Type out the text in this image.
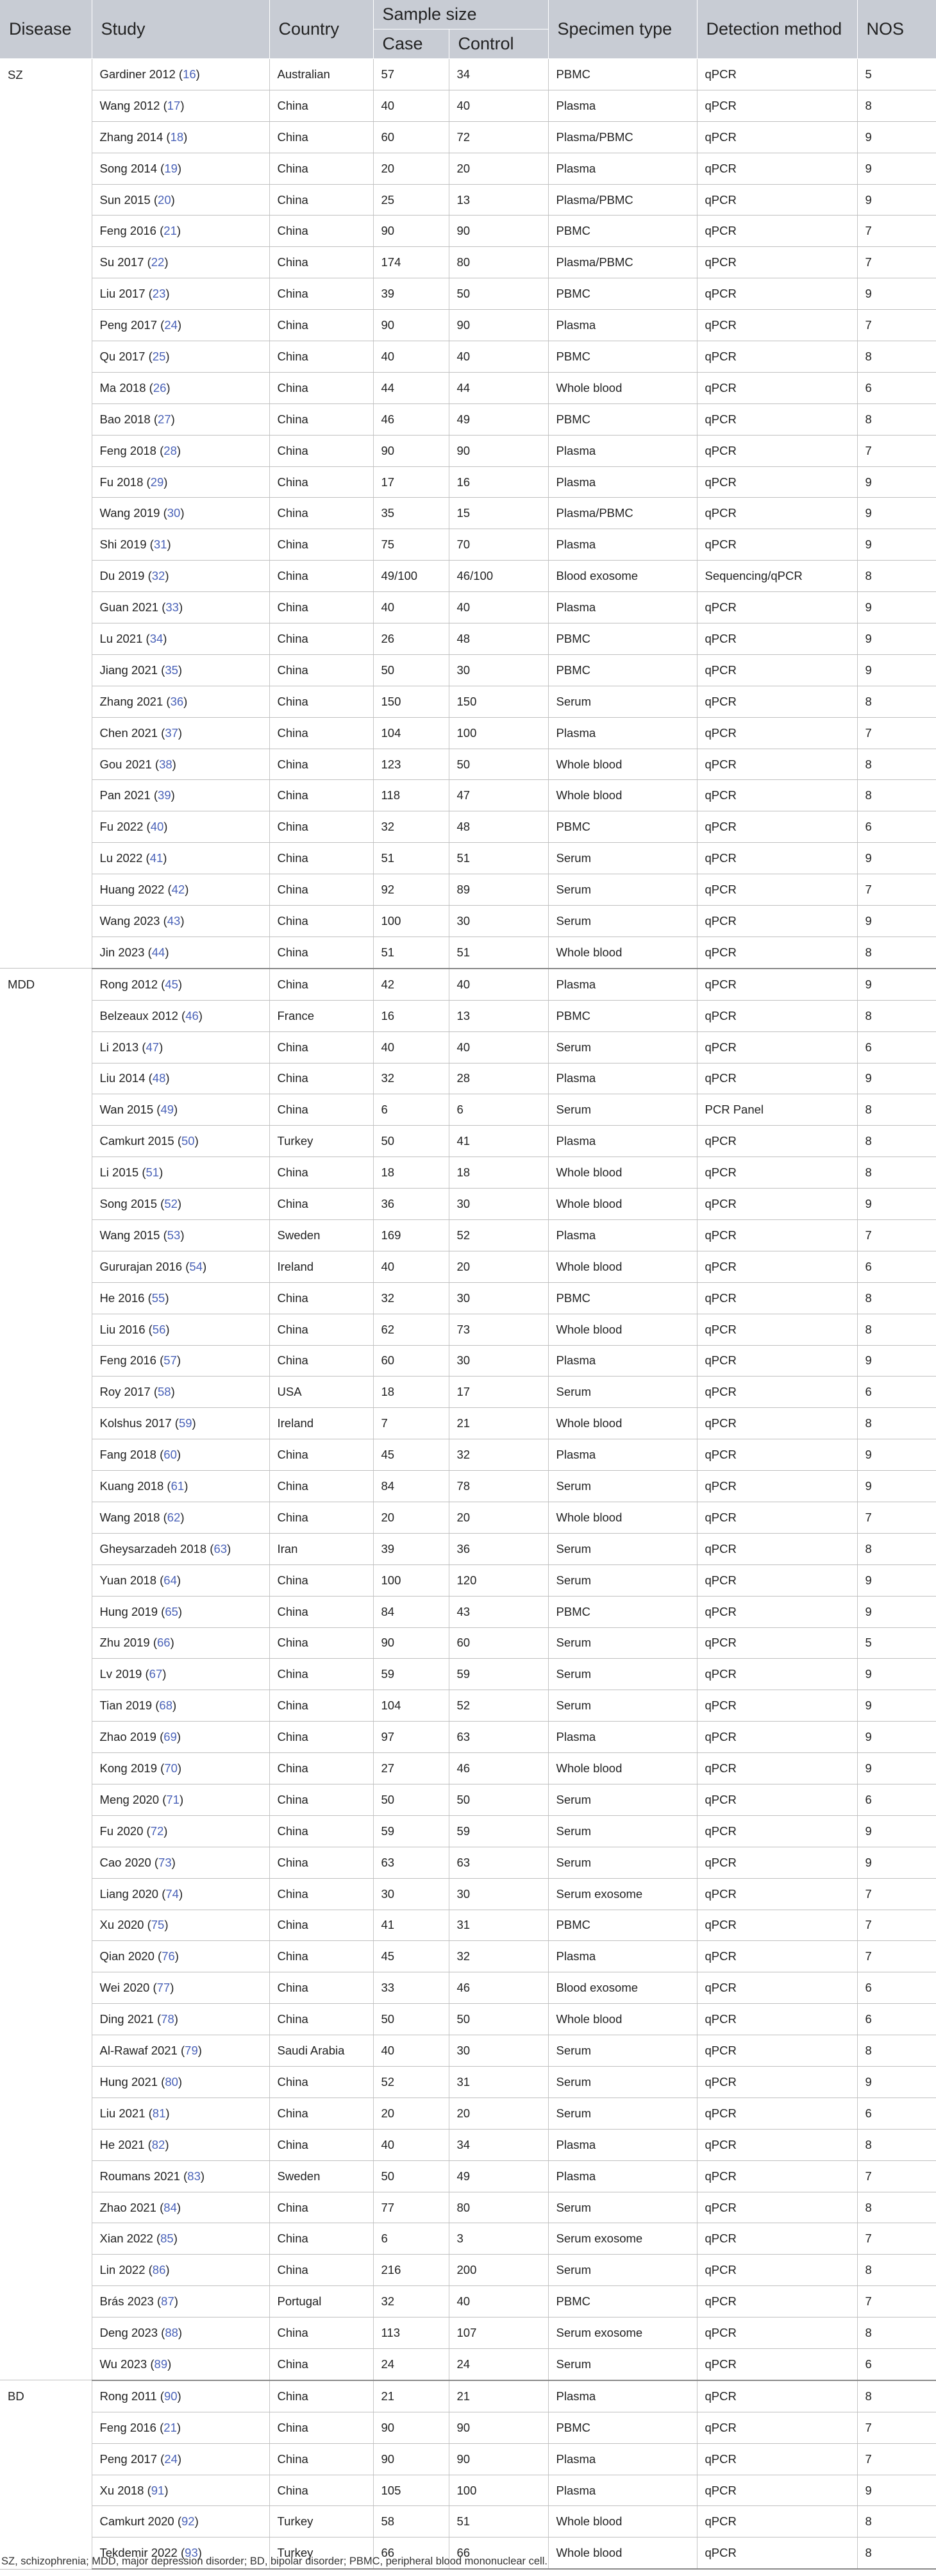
Disease	Study	Country	Sample size		Specimen type	Detection method	NOS
			Case	Control			
SZ	Gardiner 2012 (16)	Australian	57	34	PBMC	qPCR	5
	Wang 2012 (17)	China	40	40	Plasma	qPCR	8
	Zhang 2014 (18)	China	60	72	Plasma/PBMC	qPCR	9
	Song 2014 (19)	China	20	20	Plasma	qPCR	9
	Sun 2015 (20)	China	25	13	Plasma/PBMC	qPCR	9
	Feng 2016 (21)	China	90	90	PBMC	qPCR	7
	Su 2017 (22)	China	174	80	Plasma/PBMC	qPCR	7
	Liu 2017 (23)	China	39	50	PBMC	qPCR	9
	Peng 2017 (24)	China	90	90	Plasma	qPCR	7
	Qu 2017 (25)	China	40	40	PBMC	qPCR	8
	Ma 2018 (26)	China	44	44	Whole blood	qPCR	6
	Bao 2018 (27)	China	46	49	PBMC	qPCR	8
	Feng 2018 (28)	China	90	90	Plasma	qPCR	7
	Fu 2018 (29)	China	17	16	Plasma	qPCR	9
	Wang 2019 (30)	China	35	15	Plasma/PBMC	qPCR	9
	Shi 2019 (31)	China	75	70	Plasma	qPCR	9
	Du 2019 (32)	China	49/100	46/100	Blood exosome	Sequencing/qPCR	8
	Guan 2021 (33)	China	40	40	Plasma	qPCR	9
	Lu 2021 (34)	China	26	48	PBMC	qPCR	9
	Jiang 2021 (35)	China	50	30	PBMC	qPCR	9
	Zhang 2021 (36)	China	150	150	Serum	qPCR	8
	Chen 2021 (37)	China	104	100	Plasma	qPCR	7
	Gou 2021 (38)	China	123	50	Whole blood	qPCR	8
	Pan 2021 (39)	China	118	47	Whole blood	qPCR	8
	Fu 2022 (40)	China	32	48	PBMC	qPCR	6
	Lu 2022 (41)	China	51	51	Serum	qPCR	9
	Huang 2022 (42)	China	92	89	Serum	qPCR	7
	Wang 2023 (43)	China	100	30	Serum	qPCR	9
	Jin 2023 (44)	China	51	51	Whole blood	qPCR	8
MDD	Rong 2012 (45)	China	42	40	Plasma	qPCR	9
	Belzeaux 2012 (46)	France	16	13	PBMC	qPCR	8
	Li 2013 (47)	China	40	40	Serum	qPCR	6
	Liu 2014 (48)	China	32	28	Plasma	qPCR	9
	Wan 2015 (49)	China	6	6	Serum	PCR Panel	8
	Camkurt 2015 (50)	Turkey	50	41	Plasma	qPCR	8
	Li 2015 (51)	China	18	18	Whole blood	qPCR	8
	Song 2015 (52)	China	36	30	Whole blood	qPCR	9
	Wang 2015 (53)	Sweden	169	52	Plasma	qPCR	7
	Gururajan 2016 (54)	Ireland	40	20	Whole blood	qPCR	6
	He 2016 (55)	China	32	30	PBMC	qPCR	8
	Liu 2016 (56)	China	62	73	Whole blood	qPCR	8
	Feng 2016 (57)	China	60	30	Plasma	qPCR	9
	Roy 2017 (58)	USA	18	17	Serum	qPCR	6
	Kolshus 2017 (59)	Ireland	7	21	Whole blood	qPCR	8
	Fang 2018 (60)	China	45	32	Plasma	qPCR	9
	Kuang 2018 (61)	China	84	78	Serum	qPCR	9
	Wang 2018 (62)	China	20	20	Whole blood	qPCR	7
	Gheysarzadeh 2018 (63)	Iran	39	36	Serum	qPCR	8
	Yuan 2018 (64)	China	100	120	Serum	qPCR	9
	Hung 2019 (65)	China	84	43	PBMC	qPCR	9
	Zhu 2019 (66)	China	90	60	Serum	qPCR	5
	Lv 2019 (67)	China	59	59	Serum	qPCR	9
	Tian 2019 (68)	China	104	52	Serum	qPCR	9
	Zhao 2019 (69)	China	97	63	Plasma	qPCR	9
	Kong 2019 (70)	China	27	46	Whole blood	qPCR	9
	Meng 2020 (71)	China	50	50	Serum	qPCR	6
	Fu 2020 (72)	China	59	59	Serum	qPCR	9
	Cao 2020 (73)	China	63	63	Serum	qPCR	9
	Liang 2020 (74)	China	30	30	Serum exosome	qPCR	7
	Xu 2020 (75)	China	41	31	PBMC	qPCR	7
	Qian 2020 (76)	China	45	32	Plasma	qPCR	7
	Wei 2020 (77)	China	33	46	Blood exosome	qPCR	6
	Ding 2021 (78)	China	50	50	Whole blood	qPCR	6
	Al-Rawaf 2021 (79)	Saudi Arabia	40	30	Serum	qPCR	8
	Hung 2021 (80)	China	52	31	Serum	qPCR	9
	Liu 2021 (81)	China	20	20	Serum	qPCR	6
	He 2021 (82)	China	40	34	Plasma	qPCR	8
	Roumans 2021 (83)	Sweden	50	49	Plasma	qPCR	7
	Zhao 2021 (84)	China	77	80	Serum	qPCR	8
	Xian 2022 (85)	China	6	3	Serum exosome	qPCR	7
	Lin 2022 (86)	China	216	200	Serum	qPCR	8
	Brás 2023 (87)	Portugal	32	40	PBMC	qPCR	7
	Deng 2023 (88)	China	113	107	Serum exosome	qPCR	8
	Wu 2023 (89)	China	24	24	Serum	qPCR	6
BD	Rong 2011 (90)	China	21	21	Plasma	qPCR	8
	Feng 2016 (21)	China	90	90	PBMC	qPCR	7
	Peng 2017 (24)	China	90	90	Plasma	qPCR	7
	Xu 2018 (91)	China	105	100	Plasma	qPCR	9
	Camkurt 2020 (92)	Turkey	58	51	Whole blood	qPCR	8
	Tekdemir 2022 (93)	Turkey	66	66	Whole blood	qPCR	8
SZ, schizophrenia; MDD, major depression disorder; BD, bipolar disorder; PBMC, peripheral blood mononuclear cell.
